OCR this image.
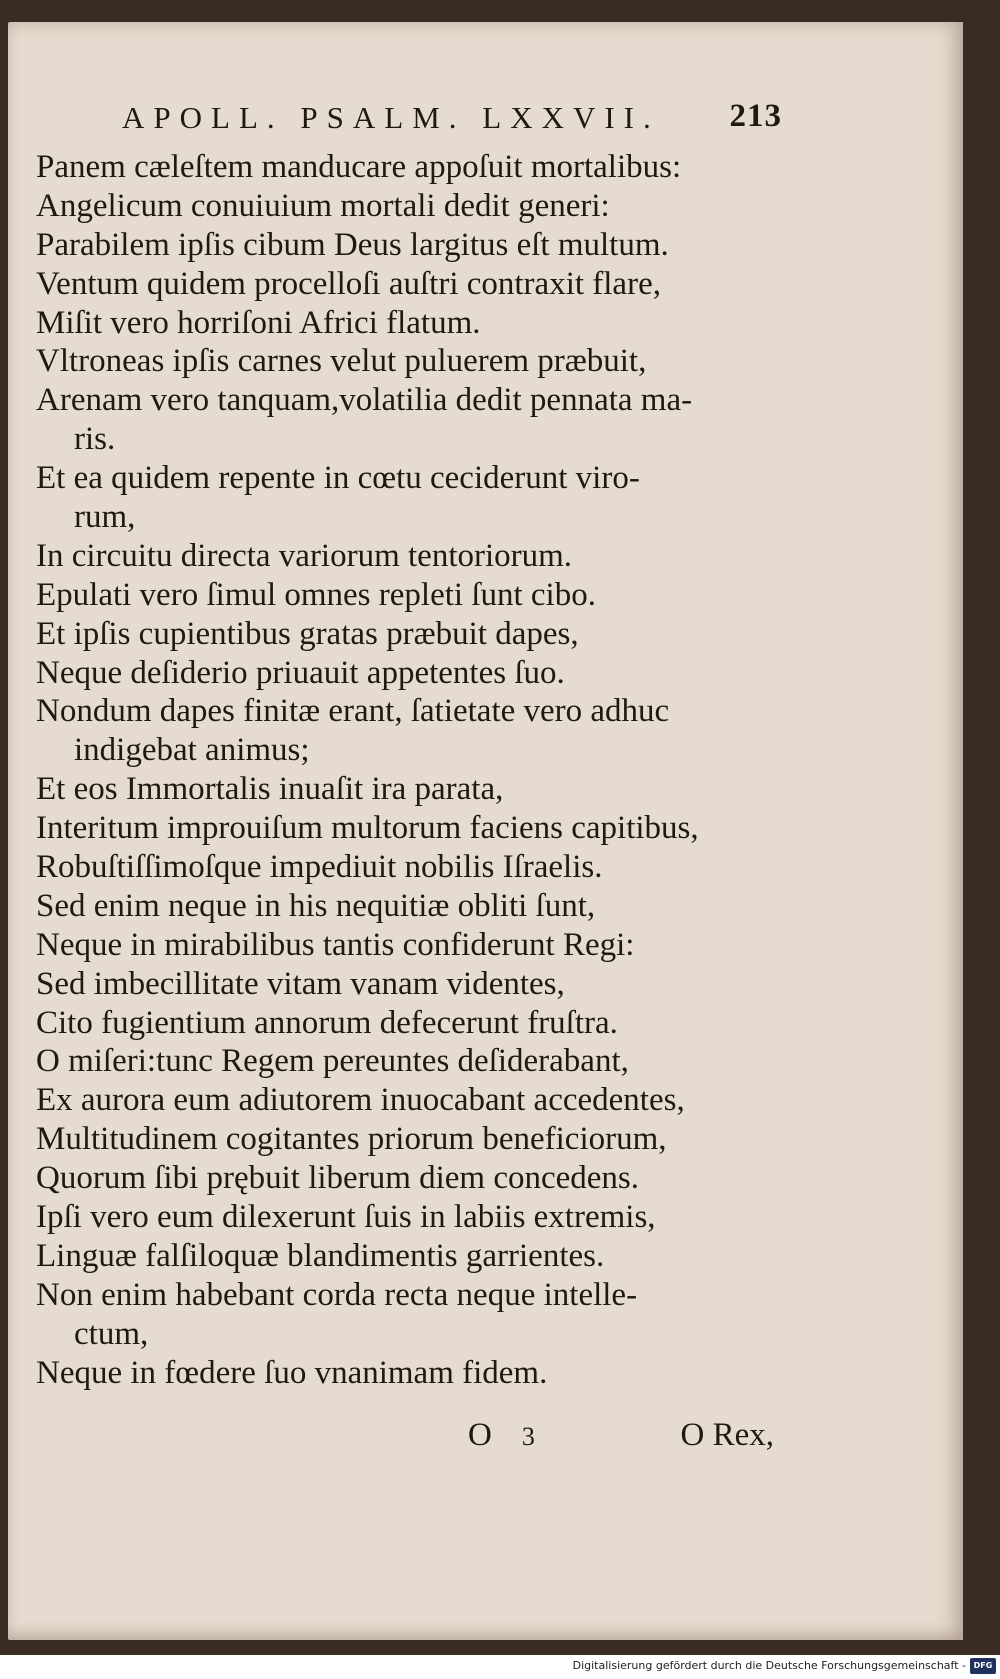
APOLL. PSALM. LXXVII. 213
Panem cæleſtem manducare appoſuit mortalibus:
Angelicum conuiuium mortali dedit generi:
Parabilem ipſis cibum Deus largitus eſt multum.
Ventum quidem procelloſi auſtri contraxit flare,
Miſit vero horriſoni Africi flatum.
Vltroneas ipſis carnes velut puluerem præbuit,
Arenam vero tanquam,volatilia dedit pennata ma-
ris.
Et ea quidem repente in cœtu ceciderunt viro-
rum,
In circuitu directa variorum tentoriorum.
Epulati vero ſimul omnes repleti ſunt cibo.
Et ipſis cupientibus gratas præbuit dapes,
Neque deſiderio priuauit appetentes ſuo.
Nondum dapes finitæ erant, ſatietate vero adhuc
indigebat animus;
Et eos Immortalis inuaſit ira parata,
Interitum improuiſum multorum faciens capitibus,
Robuſtiſſimoſque impediuit nobilis Iſraelis.
Sed enim neque in his nequitiæ obliti ſunt,
Neque in mirabilibus tantis confiderunt Regi:
Sed imbecillitate vitam vanam videntes,
Cito fugientium annorum defecerunt fruſtra.
O miſeri:tunc Regem pereuntes deſiderabant,
Ex aurora eum adiutorem inuocabant accedentes,
Multitudinem cogitantes priorum beneficiorum,
Quorum ſibi prębuit liberum diem concedens.
Ipſi vero eum dilexerunt ſuis in labiis extremis,
Linguæ falſiloquæ blandimentis garrientes.
Non enim habebant corda recta neque intelle-
ctum,
Neque in fœdere ſuo vnanimam fidem.
O 3	O Rex,
Digitalisierung gefördert durch die Deutsche Forschungsgemeinschaft - DFG
